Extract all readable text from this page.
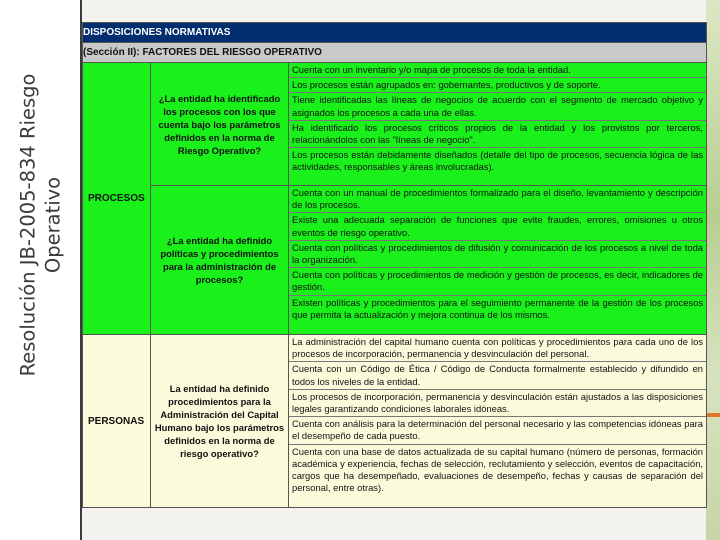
Resolución JB-2005-834 Riesgo Operativo
DISPOSICIONES NORMATIVAS		
(Sección II): FACTORES DEL RIESGO OPERATIVO		
PROCESOS	¿La entidad ha identificado los procesos con los que cuenta bajo los parámetros definidos en la norma de Riesgo Operativo?	Cuenta con un inventario y/o mapa de procesos de toda la entidad.
Los procesos están agrupados en: gobernantes, productivos y de soporte.
Tiene identificadas las líneas de negocios de acuerdo con el segmento de mercado objetivo y asignados los procesos a cada una de ellas.
Ha identificado los procesos críticos propios de la entidad y los provistos por terceros, relacionándolos con las "líneas de negocio".
Los procesos están debidamente diseñados (detalle del tipo de procesos, secuencia lógica de las actividades, responsables y áreas involucradas).

	¿La entidad ha definido políticas y procedimientos para la administración de procesos?	Cuenta con un manual de procedimientos formalizado para el diseño, levantamiento y descripción de los procesos.
Existe una adecuada separación de funciones que evite fraudes, errores, omisiones u otros eventos de riesgo operativo.
Cuenta con políticas y procedimientos de difusión y comunicación de los procesos a nivel de toda la organización.
Cuenta con políticas y procedimientos de medición y gestión de procesos, es decir, indicadores de gestión.
Existen políticas y procedimientos para el seguimiento permanente de la gestión de los procesos que permita la actualización y mejora continua de los mismos.

PERSONAS	La entidad ha definido procedimientos para la Administración del Capital Humano bajo los parámetros definidos en la norma de riesgo operativo?	La administración del capital humano cuenta con políticas y procedimientos para cada uno de los procesos de incorporación, permanencia y desvinculación del personal.
Cuenta con un Código de Ética / Código de Conducta formalmente establecido y difundido en todos los niveles de la entidad.
Los procesos de incorporación, permanencia y desvinculación están ajustados a las disposiciones legales garantizando condiciones laborales idóneas.
Cuenta con análisis para la determinación del personal necesario y las competencias idóneas para el desempeño de cada puesto.
Cuenta con una base de datos actualizada de su capital humano (número de personas, formación académica y experiencia, fechas de selección, reclutamiento y selección, eventos de capacitación, cargos que ha desempeñado, evaluaciones de desempeño, fechas y causas de separación del personal, entre otras).
